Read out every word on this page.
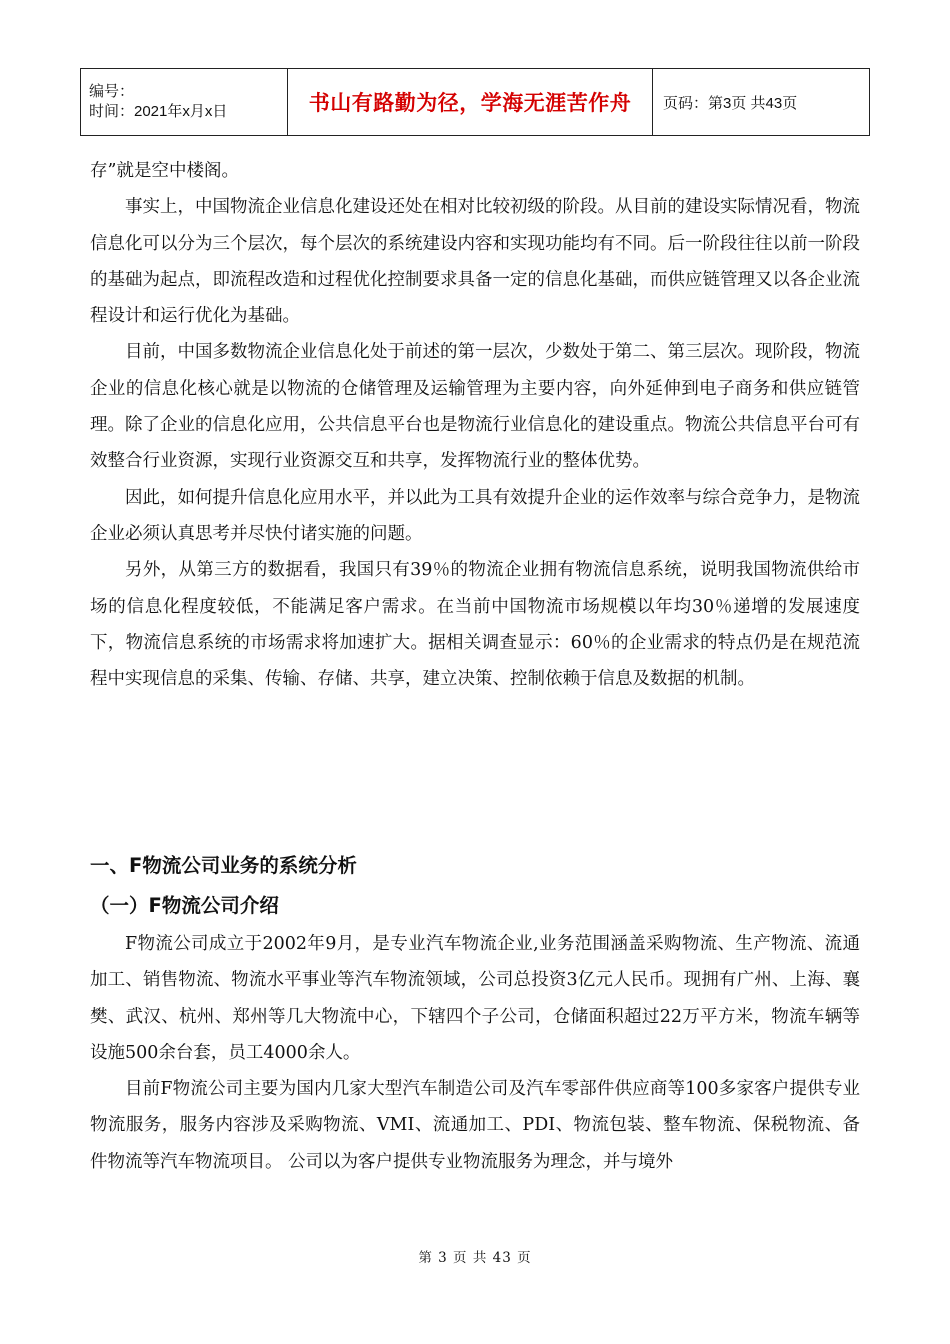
编号：
时间：2021年x月x日	书山有路勤为径，学海无涯苦作舟	页码：第3页 共43页

存”就是空中楼阁。

事实上，中国物流企业信息化建设还处在相对比较初级的阶段。从目前的建设实际情况看，物流信息化可以分为三个层次，每个层次的系统建设内容和实现功能均有不同。后一阶段往往以前一阶段的基础为起点，即流程改造和过程优化控制要求具备一定的信息化基础，而供应链管理又以各企业流程设计和运行优化为基础。

目前，中国多数物流企业信息化处于前述的第一层次，少数处于第二、第三层次。现阶段，物流企业的信息化核心就是以物流的仓储管理及运输管理为主要内容，向外延伸到电子商务和供应链管理。除了企业的信息化应用，公共信息平台也是物流行业信息化的建设重点。物流公共信息平台可有效整合行业资源，实现行业资源交互和共享，发挥物流行业的整体优势。

因此，如何提升信息化应用水平，并以此为工具有效提升企业的运作效率与综合竞争力，是物流企业必须认真思考并尽快付诸实施的问题。

另外，从第三方的数据看，我国只有39％的物流企业拥有物流信息系统，说明我国物流供给市场的信息化程度较低，不能满足客户需求。在当前中国物流市场规模以年均30％递增的发展速度下，物流信息系统的市场需求将加速扩大。据相关调查显示：60％的企业需求的特点仍是在规范流程中实现信息的采集、传输、存储、共享，建立决策、控制依赖于信息及数据的机制。

一、F物流公司业务的系统分析
（一）F物流公司介绍

F物流公司成立于2002年9月，是专业汽车物流企业,业务范围涵盖采购物流、生产物流、流通加工、销售物流、物流水平事业等汽车物流领域，公司总投资3亿元人民币。现拥有广州、上海、襄樊、武汉、杭州、郑州等几大物流中心，下辖四个子公司，仓储面积超过22万平方米，物流车辆等设施500余台套，员工4000余人。

目前F物流公司主要为国内几家大型汽车制造公司及汽车零部件供应商等100多家客户提供专业物流服务，服务内容涉及采购物流、VMI、流通加工、PDI、物流包装、整车物流、保税物流、备件物流等汽车物流项目。 公司以为客户提供专业物流服务为理念，并与境外

第 3 页 共 43 页
